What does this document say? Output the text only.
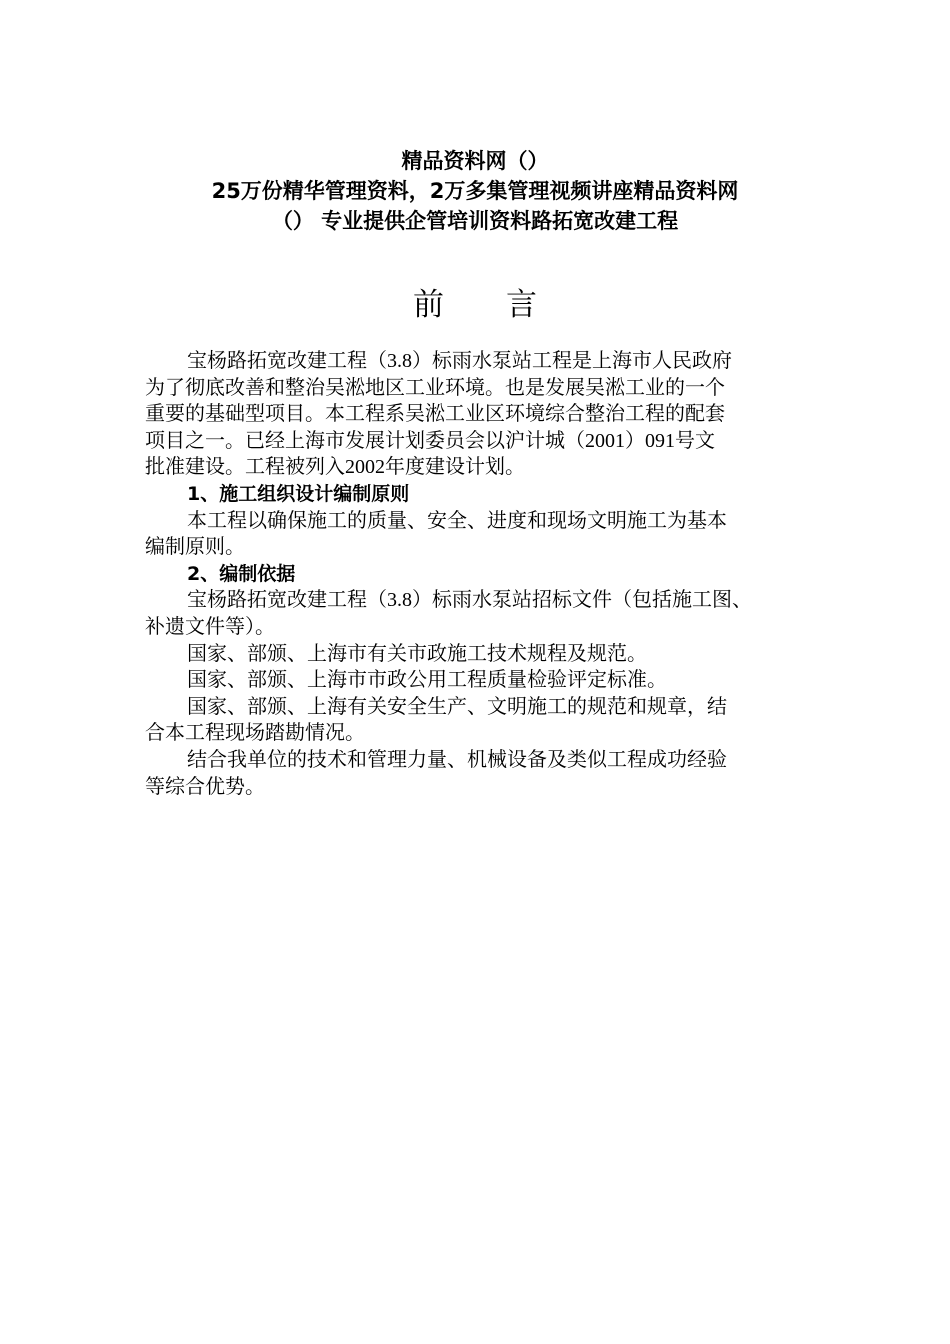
精品资料网（）
25万份精华管理资料，2万多集管理视频讲座精品资料网
（） 专业提供企管培训资料路拓宽改建工程
前 言

宝杨路拓宽改建工程（3.8）标雨水泵站工程是上海市人民政府

为了彻底改善和整治吴淞地区工业环境。也是发展吴淞工业的一个

重要的基础型项目。本工程系吴淞工业区环境综合整治工程的配套

项目之一。已经上海市发展计划委员会以沪计城（2001）091号文

批准建设。工程被列入2002年度建设计划。

1、施工组织设计编制原则

本工程以确保施工的质量、安全、进度和现场文明施工为基本

编制原则。

2、编制依据

宝杨路拓宽改建工程（3.8）标雨水泵站招标文件（包括施工图、

补遗文件等）。

国家、部颁、上海市有关市政施工技术规程及规范。

国家、部颁、上海市市政公用工程质量检验评定标准。

国家、部颁、上海有关安全生产、文明施工的规范和规章，结

合本工程现场踏勘情况。

结合我单位的技术和管理力量、机械设备及类似工程成功经验

等综合优势。
